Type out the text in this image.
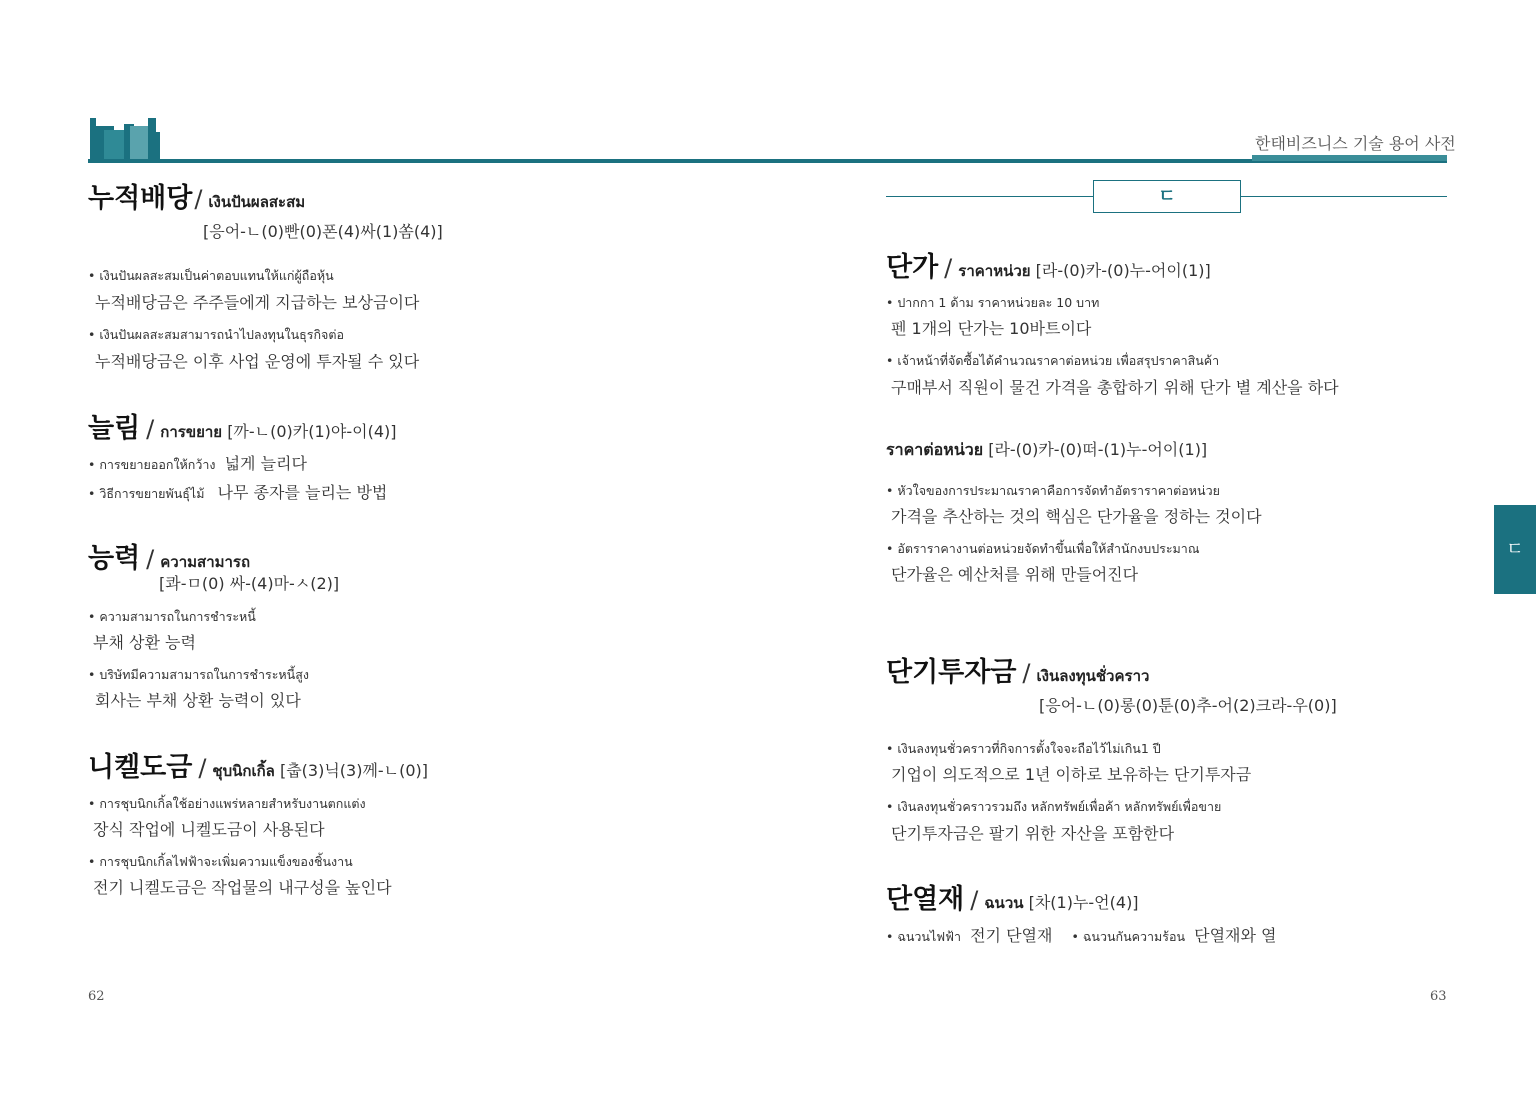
한태비즈니스 기술 용어 사전
ㄷ
ㄷ
누적배당/ เงินปันผลสะสม
[응어-ㄴ(0)빤(0)폰(4)싸(1)쏨(4)]
• เงินปันผลสะสมเป็นค่าตอบแทนให้แก่ผู้ถือหุ้น
누적배당금은 주주들에게 지급하는 보상금이다
• เงินปันผลสะสมสามารถนำไปลงทุนในธุรกิจต่อ
누적배당금은 이후 사업 운영에 투자될 수 있다
늘림 / การขยาย [까-ㄴ(0)카(1)야-이(4)]
• การขยายออกให้กว้าง 넓게 늘리다
• วิธีการขยายพันธุ์ไม้ 나무 종자를 늘리는 방법
능력 / ความสามารถ
[콰-ㅁ(0) 싸-(4)마-ㅅ(2)]
• ความสามารถในการชำระหนี้
부채 상환 능력
• บริษัทมีความสามารถในการชำระหนี้สูง
회사는 부채 상환 능력이 있다
니켈도금 / ชุบนิกเกิ้ล [춥(3)닉(3)께-ㄴ(0)]
• การชุบนิกเกิ้ลใช้อย่างแพร่หลายสำหรับงานตกแต่ง
장식 작업에 니켈도금이 사용된다
• การชุบนิกเกิ้ลไฟฟ้าจะเพิ่มความแข็งของชิ้นงาน
전기 니켈도금은 작업물의 내구성을 높인다
62
단가 / ราคาหน่วย [라-(0)카-(0)누-어이(1)]
• ปากกา 1 ด้าม ราคาหน่วยละ 10 บาท
펜 1개의 단가는 10바트이다
• เจ้าหน้าที่จัดซื้อได้คำนวณราคาต่อหน่วย เพื่อสรุปราคาสินค้า
구매부서 직원이 물건 가격을 총합하기 위해 단가 별 계산을 하다
ราคาต่อหน่วย [라-(0)카-(0)떠-(1)누-어이(1)]
• หัวใจของการประมาณราคาคือการจัดทำอัตราราคาต่อหน่วย
가격을 추산하는 것의 핵심은 단가율을 정하는 것이다
• อัตราราคางานต่อหน่วยจัดทำขึ้นเพื่อให้สำนักงบประมาณ
단가율은 예산처를 위해 만들어진다
단기투자금 / เงินลงทุนชั่วคราว
[응어-ㄴ(0)롱(0)툰(0)추-어(2)크라-우(0)]
• เงินลงทุนชั่วคราวที่กิจการตั้งใจจะถือไว้ไม่เกิน1 ปี
기업이 의도적으로 1년 이하로 보유하는 단기투자금
• เงินลงทุนชั่วคราวรวมถึง หลักทรัพย์เพื่อค้า หลักทรัพย์เพื่อขาย
단기투자금은 팔기 위한 자산을 포함한다
단열재 / ฉนวน [차(1)누-언(4)]
• ฉนวนไฟฟ้า 전기 단열재 • ฉนวนกันความร้อน 단열재와 열
63
